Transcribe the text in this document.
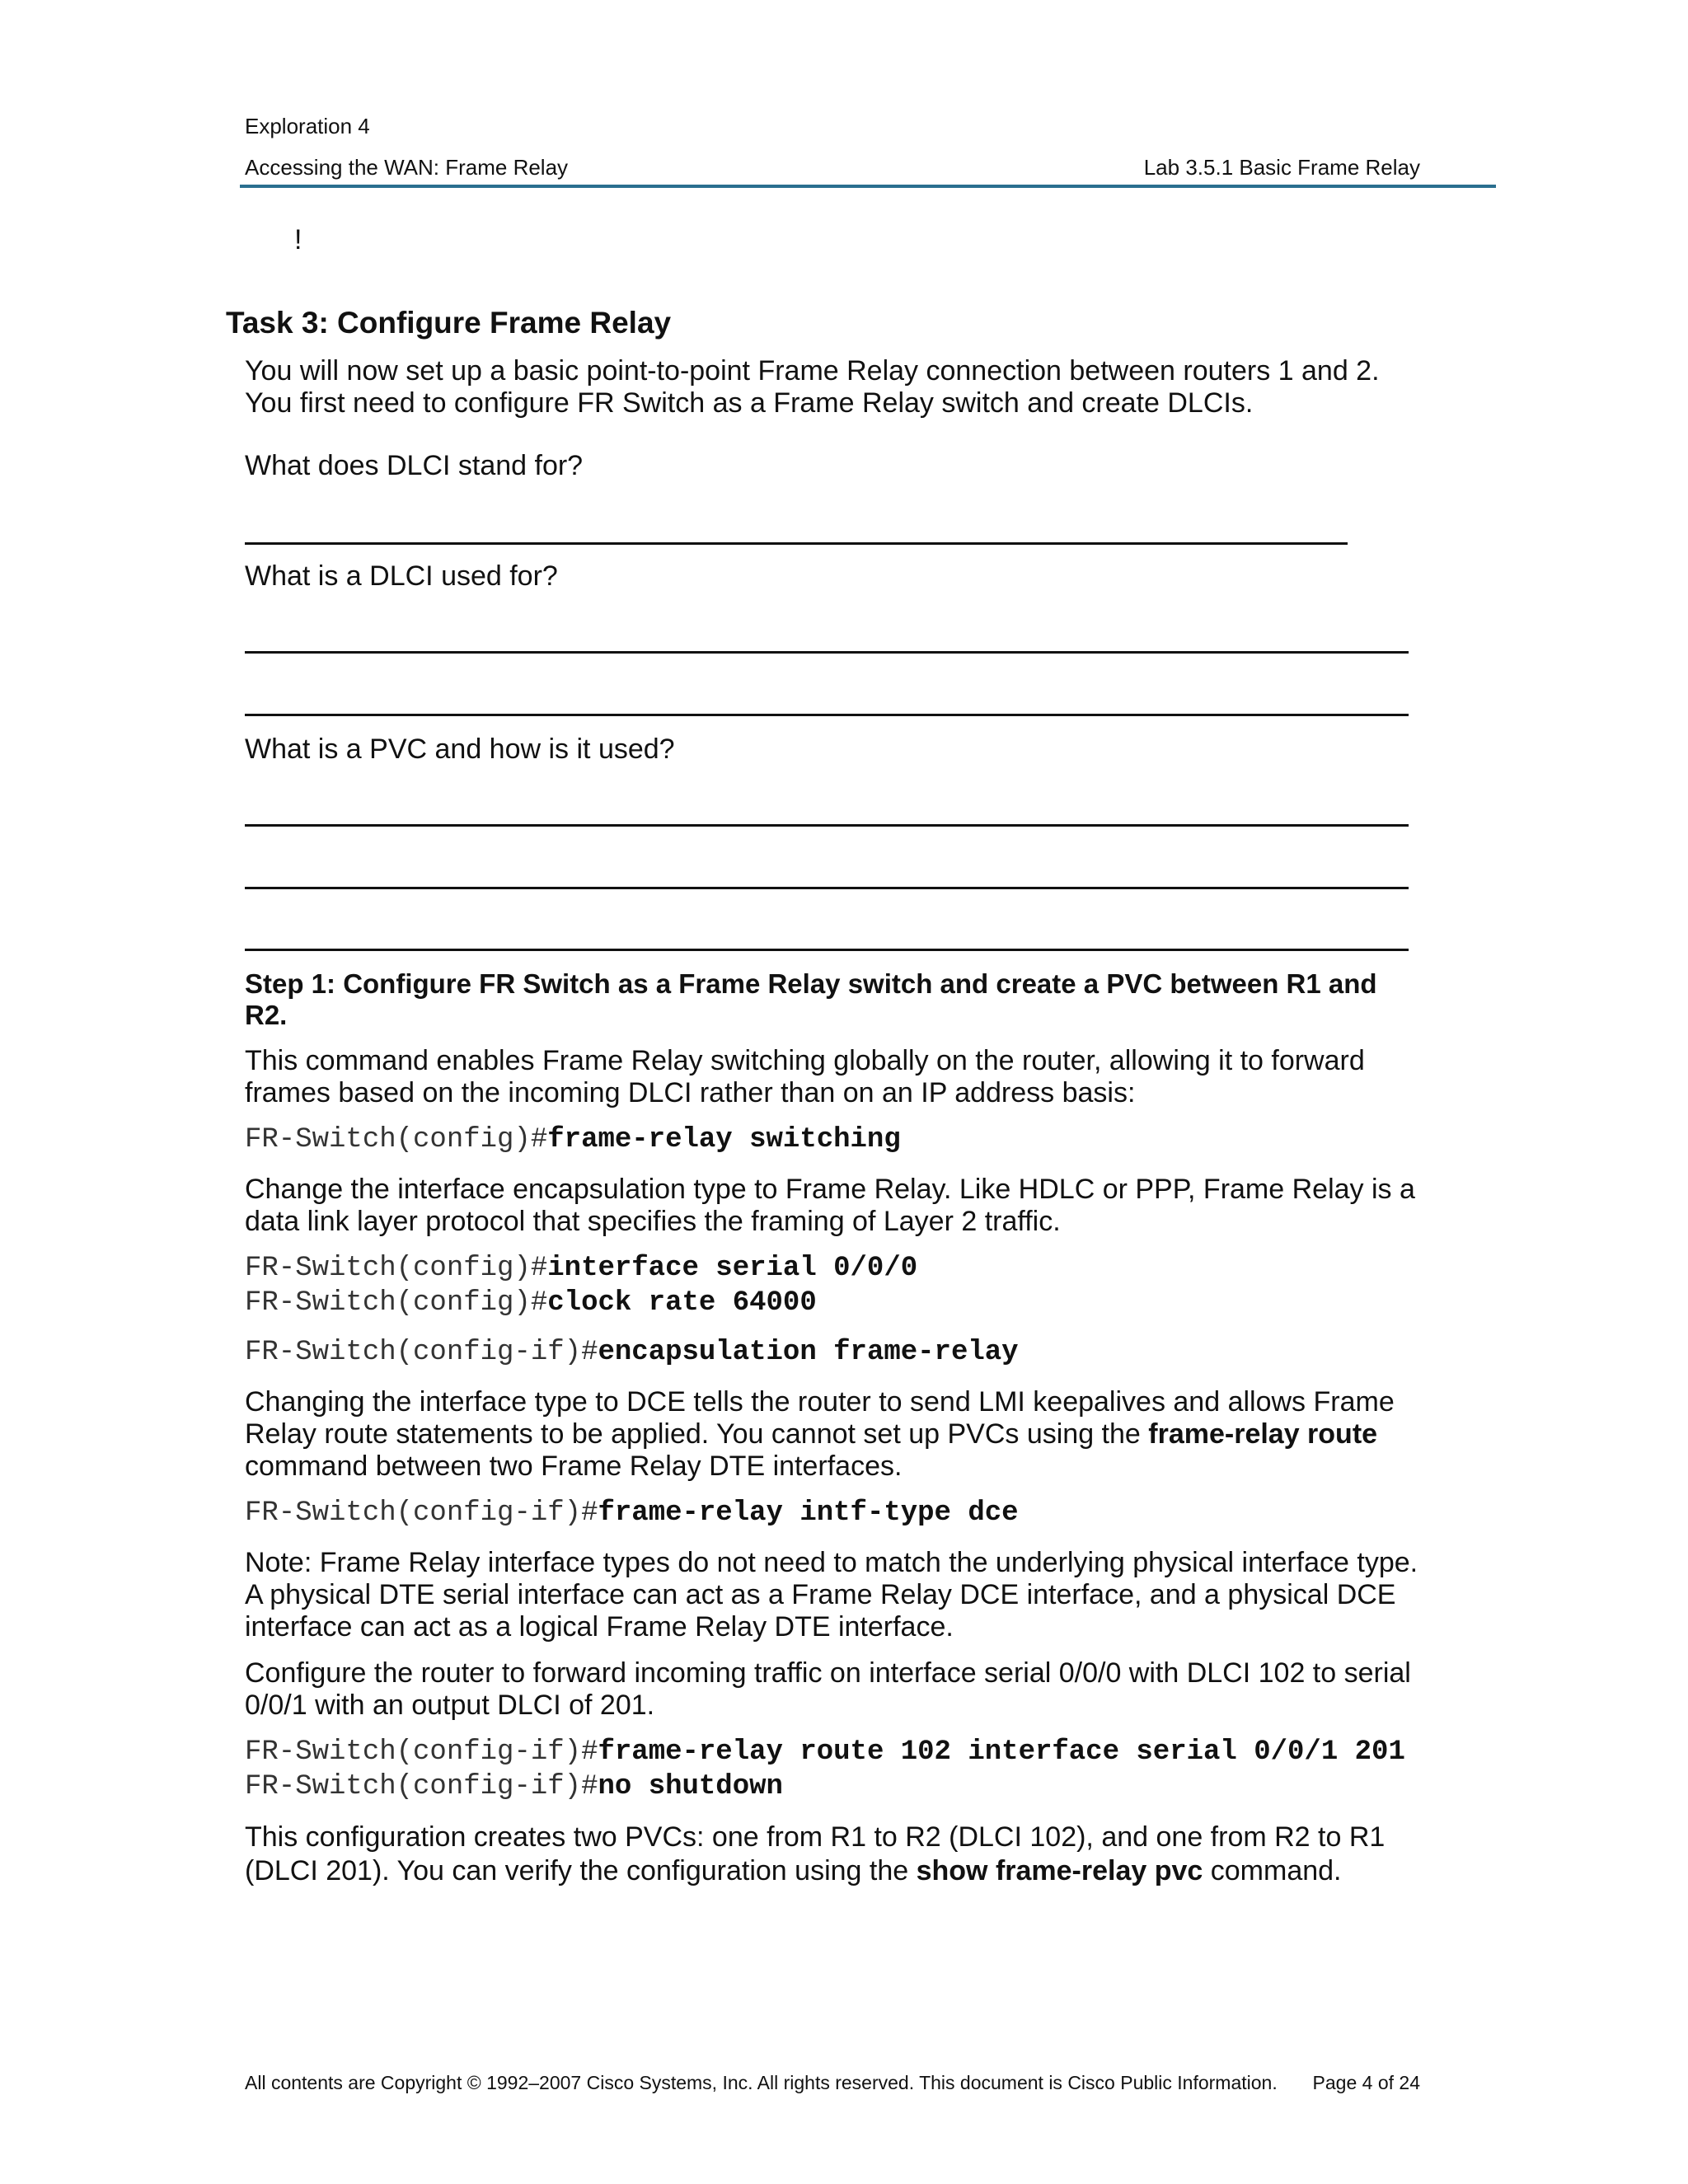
Exploration 4
Accessing the WAN: Frame Relay	Lab 3.5.1 Basic Frame Relay
!
Task 3: Configure Frame Relay
You will now set up a basic point-to-point Frame Relay connection between routers 1 and 2. You first need to configure FR Switch as a Frame Relay switch and create DLCIs.
What does DLCI stand for?
What is a DLCI used for?
What is a PVC and how is it used?
Step 1: Configure FR Switch as a Frame Relay switch and create a PVC between R1 and R2.
This command enables Frame Relay switching globally on the router, allowing it to forward frames based on the incoming DLCI rather than on an IP address basis:
FR-Switch(config)#frame-relay switching
Change the interface encapsulation type to Frame Relay. Like HDLC or PPP, Frame Relay is a data link layer protocol that specifies the framing of Layer 2 traffic.
FR-Switch(config)#interface serial 0/0/0
FR-Switch(config)#clock rate 64000
FR-Switch(config-if)#encapsulation frame-relay
Changing the interface type to DCE tells the router to send LMI keepalives and allows Frame Relay route statements to be applied. You cannot set up PVCs using the frame-relay route command between two Frame Relay DTE interfaces.
FR-Switch(config-if)#frame-relay intf-type dce
Note: Frame Relay interface types do not need to match the underlying physical interface type. A physical DTE serial interface can act as a Frame Relay DCE interface, and a physical DCE interface can act as a logical Frame Relay DTE interface.
Configure the router to forward incoming traffic on interface serial 0/0/0 with DLCI 102 to serial 0/0/1 with an output DLCI of 201.
FR-Switch(config-if)#frame-relay route 102 interface serial 0/0/1 201
FR-Switch(config-if)#no shutdown
This configuration creates two PVCs: one from R1 to R2 (DLCI 102), and one from R2 to R1 (DLCI 201). You can verify the configuration using the show frame-relay pvc command.
All contents are Copyright © 1992–2007 Cisco Systems, Inc. All rights reserved. This document is Cisco Public Information. Page 4 of 24
